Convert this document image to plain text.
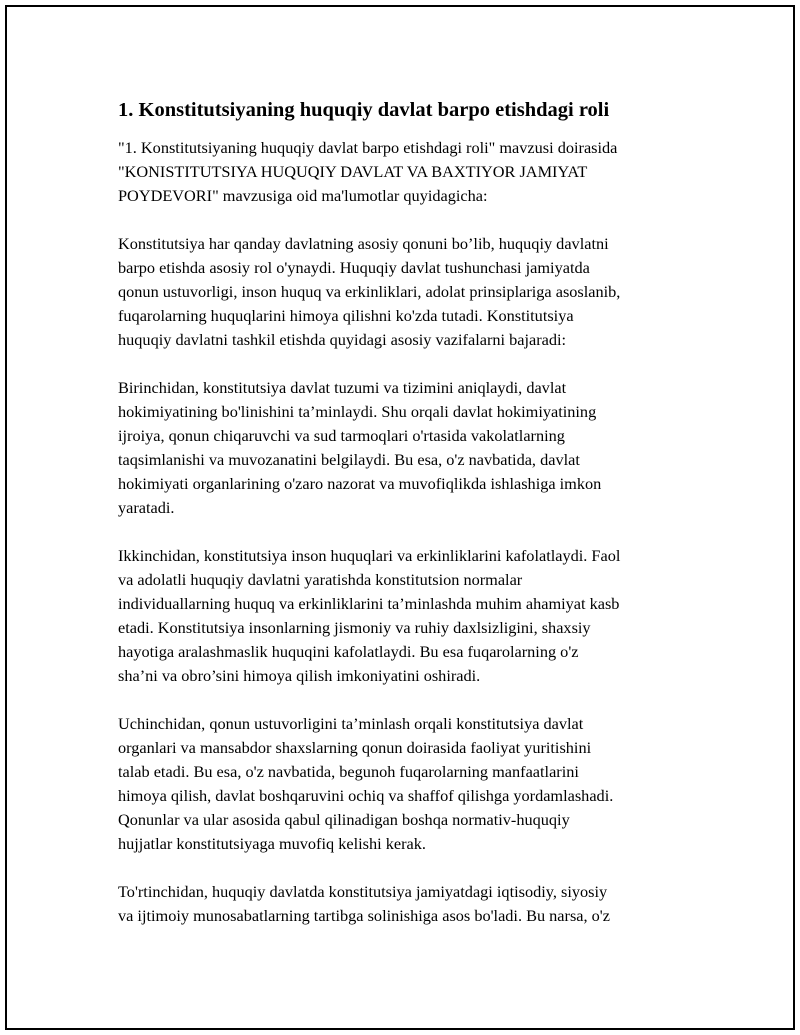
1. Konstitutsiyaning huquqiy davlat barpo etishdagi roli

"1. Konstitutsiyaning huquqiy davlat barpo etishdagi roli" mavzusi doirasida
"KONISTITUTSIYA HUQUQIY DAVLAT VA BAXTIYOR JAMIYAT
POYDEVORI" mavzusiga oid ma'lumotlar quyidagicha:

Konstitutsiya har qanday davlatning asosiy qonuni bo’lib, huquqiy davlatni
barpo etishda asosiy rol o'ynaydi. Huquqiy davlat tushunchasi jamiyatda
qonun ustuvorligi, inson huquq va erkinliklari, adolat prinsiplariga asoslanib,
fuqarolarning huquqlarini himoya qilishni ko'zda tutadi. Konstitutsiya
huquqiy davlatni tashkil etishda quyidagi asosiy vazifalarni bajaradi:

Birinchidan, konstitutsiya davlat tuzumi va tizimini aniqlaydi, davlat
hokimiyatining bo'linishini ta’minlaydi. Shu orqali davlat hokimiyatining
ijroiya, qonun chiqaruvchi va sud tarmoqlari o'rtasida vakolatlarning
taqsimlanishi va muvozanatini belgilaydi. Bu esa, o'z navbatida, davlat
hokimiyati organlarining o'zaro nazorat va muvofiqlikda ishlashiga imkon
yaratadi.

Ikkinchidan, konstitutsiya inson huquqlari va erkinliklarini kafolatlaydi. Faol
va adolatli huquqiy davlatni yaratishda konstitutsion normalar
individuallarning huquq va erkinliklarini ta’minlashda muhim ahamiyat kasb
etadi. Konstitutsiya insonlarning jismoniy va ruhiy daxlsizligini, shaxsiy
hayotiga aralashmaslik huquqini kafolatlaydi. Bu esa fuqarolarning o'z
sha’ni va obro’sini himoya qilish imkoniyatini oshiradi.

Uchinchidan, qonun ustuvorligini ta’minlash orqali konstitutsiya davlat
organlari va mansabdor shaxslarning qonun doirasida faoliyat yuritishini
talab etadi. Bu esa, o'z navbatida, begunoh fuqarolarning manfaatlarini
himoya qilish, davlat boshqaruvini ochiq va shaffof qilishga yordamlashadi.
Qonunlar va ular asosida qabul qilinadigan boshqa normativ-huquqiy
hujjatlar konstitutsiyaga muvofiq kelishi kerak.

To'rtinchidan, huquqiy davlatda konstitutsiya jamiyatdagi iqtisodiy, siyosiy
va ijtimoiy munosabatlarning tartibga solinishiga asos bo'ladi. Bu narsa, o'z
